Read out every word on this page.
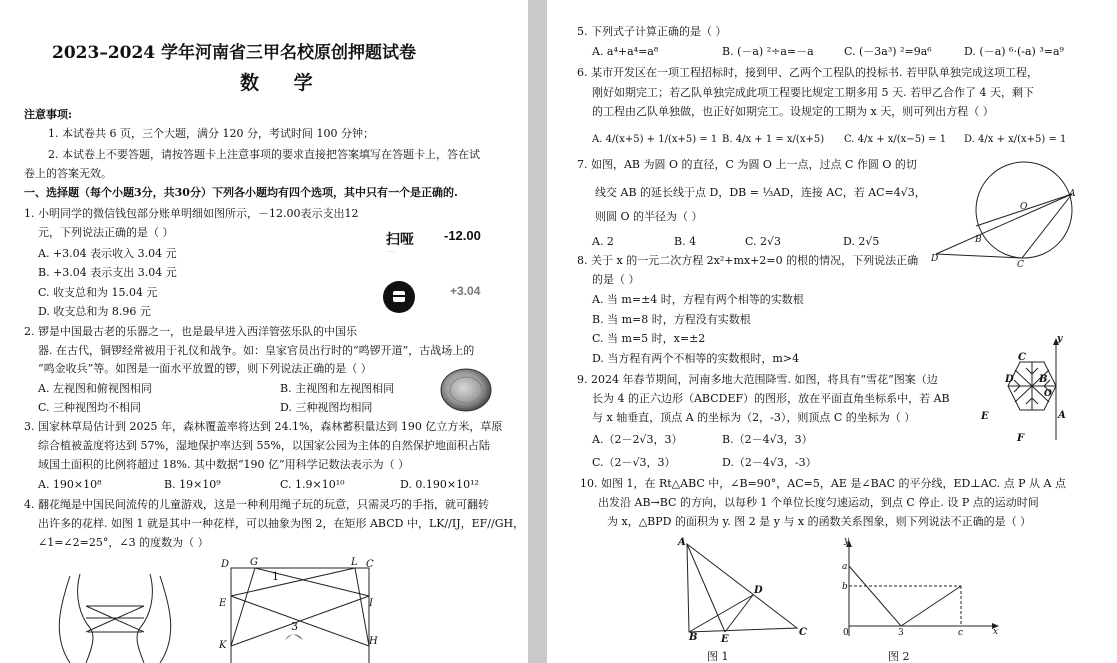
2023–2024 学年河南省三甲名校原创押题试卷
数 学
注意事项:
1. 本试卷共 6 页，三个大题，满分 120 分，考试时间 100 分钟；
2. 本试卷上不要答题，请按答题卡上注意事项的要求直接把答案填写在答题卡上，答在试
卷上的答案无效。
一、选择题（每个小题3分，共30分）下列各小题均有四个选项，其中只有一个是正确的.
1. 小明同学的微信钱包部分账单明细如图所示，－12.00表示支出12
元，下列说法正确的是（ ）
A. +3.04 表示收入 3.04 元
B. +3.04 表示支出 3.04 元
C. 收支总和为 15.04 元
D. 收支总和为 8.96 元
扫哑
·······
-12.00
+3.04
2. 锣是中国最古老的乐器之一，也是最早进入西洋管弦乐队的中国乐
器. 在古代，铜锣经常被用于礼仪和战争。如：皇家官员出行时的“鸣锣开道”，古战场上的
“鸣金收兵”等。如图是一面水平放置的锣，则下列说法正确的是（ ）
A. 左视图和俯视图相同	B. 主视图和左视图相同
C. 三种视图均不相同	D. 三种视图均相同
3. 国家林草局估计到 2025 年，森林覆盖率将达到 24.1%，森林蓄积量达到 190 亿立方米，草原
综合植被盖度将达到 57%，湿地保护率达到 55%，以国家公园为主体的自然保护地面积占陆
域国土面积的比例将超过 18%. 其中数据“190 亿”用科学记数法表示为（ ）
A. 190×10⁸	B. 19×10⁹	C. 1.9×10¹⁰	D. 0.190×10¹²
4. 翻花绳是中国民间流传的儿童游戏，这是一种利用绳子玩的玩意，只需灵巧的手指，就可翻转
出许多的花样. 如图 1 就是其中一种花样，可以抽象为图 2，在矩形 ABCD 中，LK//IJ，EF//GH，
∠1=∠2=25°，∠3 的度数为（ ）
D G	L C
E	I
K	H
1
3
5. 下列式子计算正确的是（ ）
A. a⁴+a⁴=a⁸	B. (－a) ²÷a=－a	C. (－3a³) ²=9a⁶	D. (－a) ⁶·(-a) ³=a⁹
6. 某市开发区在一项工程招标时，接到甲、乙两个工程队的投标书. 若甲队单独完成这项工程，
刚好如期完工；若乙队单独完成此项工程要比规定工期多用 5 天. 若甲乙合作了 4 天，剩下
的工程由乙队单独做，也正好如期完工。设规定的工期为 x 天，则可列出方程（ ）
A. 4/(x+5) + 1/(x+5) = 1 B. 4/x + 1 = x/(x+5) C. 4/x + x/(x−5) = 1 D. 4/x + x/(x+5) = 1
7. 如图，AB 为圆 O 的直径，C 为圆 O 上一点，过点 C 作圆 O 的切
线交 AB 的延长线于点 D，DB = ⅓AD，连接 AC，若 AC=4√3，
则圆 O 的半径为（ ）
A. 2	B. 4	C. 2√3	D. 2√5
A
O
B
C
D
8. 关于 x 的一元二次方程 2x²+mx+2=0 的根的情况，下列说法正确
的是（ ）
A. 当 m=±4 时，方程有两个相等的实数根
B. 当 m=8 时，方程没有实数根
C. 当 m=5 时，x=±2
D. 当方程有两个不相等的实数根时，m>4
9. 2024 年春节期间，河南多地大范围降雪. 如图，将具有“雪花”图案（边
长为 4 的正六边形（ABCDEF）的图形，放在平面直角坐标系中，若 AB
与 x 轴垂直，顶点 A 的坐标为（2，-3），则顶点 C 的坐标为（ ）
A.（2－2√3，3）	B.（2－4√3，3）
C.（2－√3，3）	D.（2－4√3，-3）
y
C
D	B
E
O
A
F
10. 如图 1，在 Rt△ABC 中，∠B=90°，AC=5，AE 是∠BAC 的平分线，ED⊥AC. 点 P 从 A 点
出发沿 AB→BC 的方向，以每秒 1 个单位长度匀速运动，到点 C 停止. 设 P 点的运动时间
为 x，△BPD 的面积为 y. 图 2 是 y 与 x 的函数关系图象，则下列说法不正确的是（ ）
A
D
B E
C
图 1
y
a
b
0	3	c	x
图 2
